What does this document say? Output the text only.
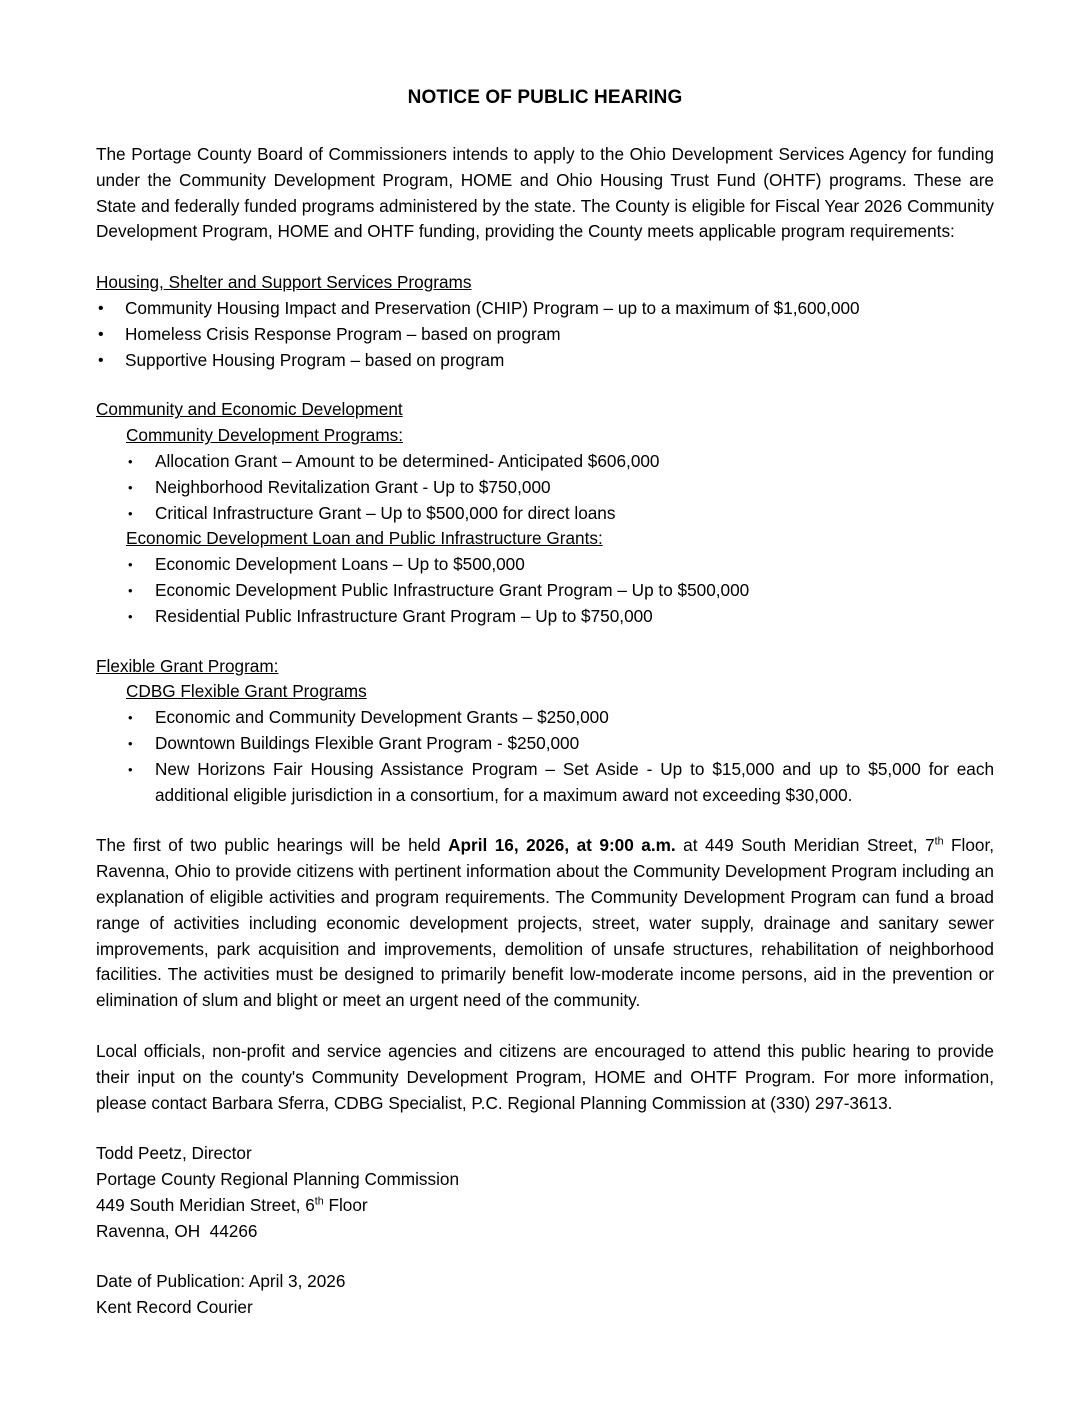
NOTICE OF PUBLIC HEARING

The Portage County Board of Commissioners intends to apply to the Ohio Development Services Agency for funding under the Community Development Program, HOME and Ohio Housing Trust Fund (OHTF) programs. These are State and federally funded programs administered by the state. The County is eligible for Fiscal Year 2026 Community Development Program, HOME and OHTF funding, providing the County meets applicable program requirements:

Housing, Shelter and Support Services Programs
• Community Housing Impact and Preservation (CHIP) Program – up to a maximum of $1,600,000
• Homeless Crisis Response Program – based on program
• Supportive Housing Program – based on program
Community and Economic Development
Community Development Programs:
• Allocation Grant – Amount to be determined- Anticipated $606,000
• Neighborhood Revitalization Grant - Up to $750,000
• Critical Infrastructure Grant – Up to $500,000 for direct loans
Economic Development Loan and Public Infrastructure Grants:
• Economic Development Loans – Up to $500,000
• Economic Development Public Infrastructure Grant Program – Up to $500,000
• Residential Public Infrastructure Grant Program – Up to $750,000
Flexible Grant Program:
CDBG Flexible Grant Programs
• Economic and Community Development Grants – $250,000
• Downtown Buildings Flexible Grant Program - $250,000
• New Horizons Fair Housing Assistance Program – Set Aside - Up to $15,000 and up to $5,000 for each additional eligible jurisdiction in a consortium, for a maximum award not exceeding $30,000.

The first of two public hearings will be held April 16, 2026, at 9:00 a.m. at 449 South Meridian Street, 7th Floor, Ravenna, Ohio to provide citizens with pertinent information about the Community Development Program including an explanation of eligible activities and program requirements. The Community Development Program can fund a broad range of activities including economic development projects, street, water supply, drainage and sanitary sewer improvements, park acquisition and improvements, demolition of unsafe structures, rehabilitation of neighborhood facilities. The activities must be designed to primarily benefit low-moderate income persons, aid in the prevention or elimination of slum and blight or meet an urgent need of the community.

Local officials, non-profit and service agencies and citizens are encouraged to attend this public hearing to provide their input on the county's Community Development Program, HOME and OHTF Program. For more information, please contact Barbara Sferra, CDBG Specialist, P.C. Regional Planning Commission at (330) 297-3613.

Todd Peetz, Director
Portage County Regional Planning Commission
449 South Meridian Street, 6th Floor
Ravenna, OH  44266
Date of Publication: April 3, 2026
Kent Record Courier
